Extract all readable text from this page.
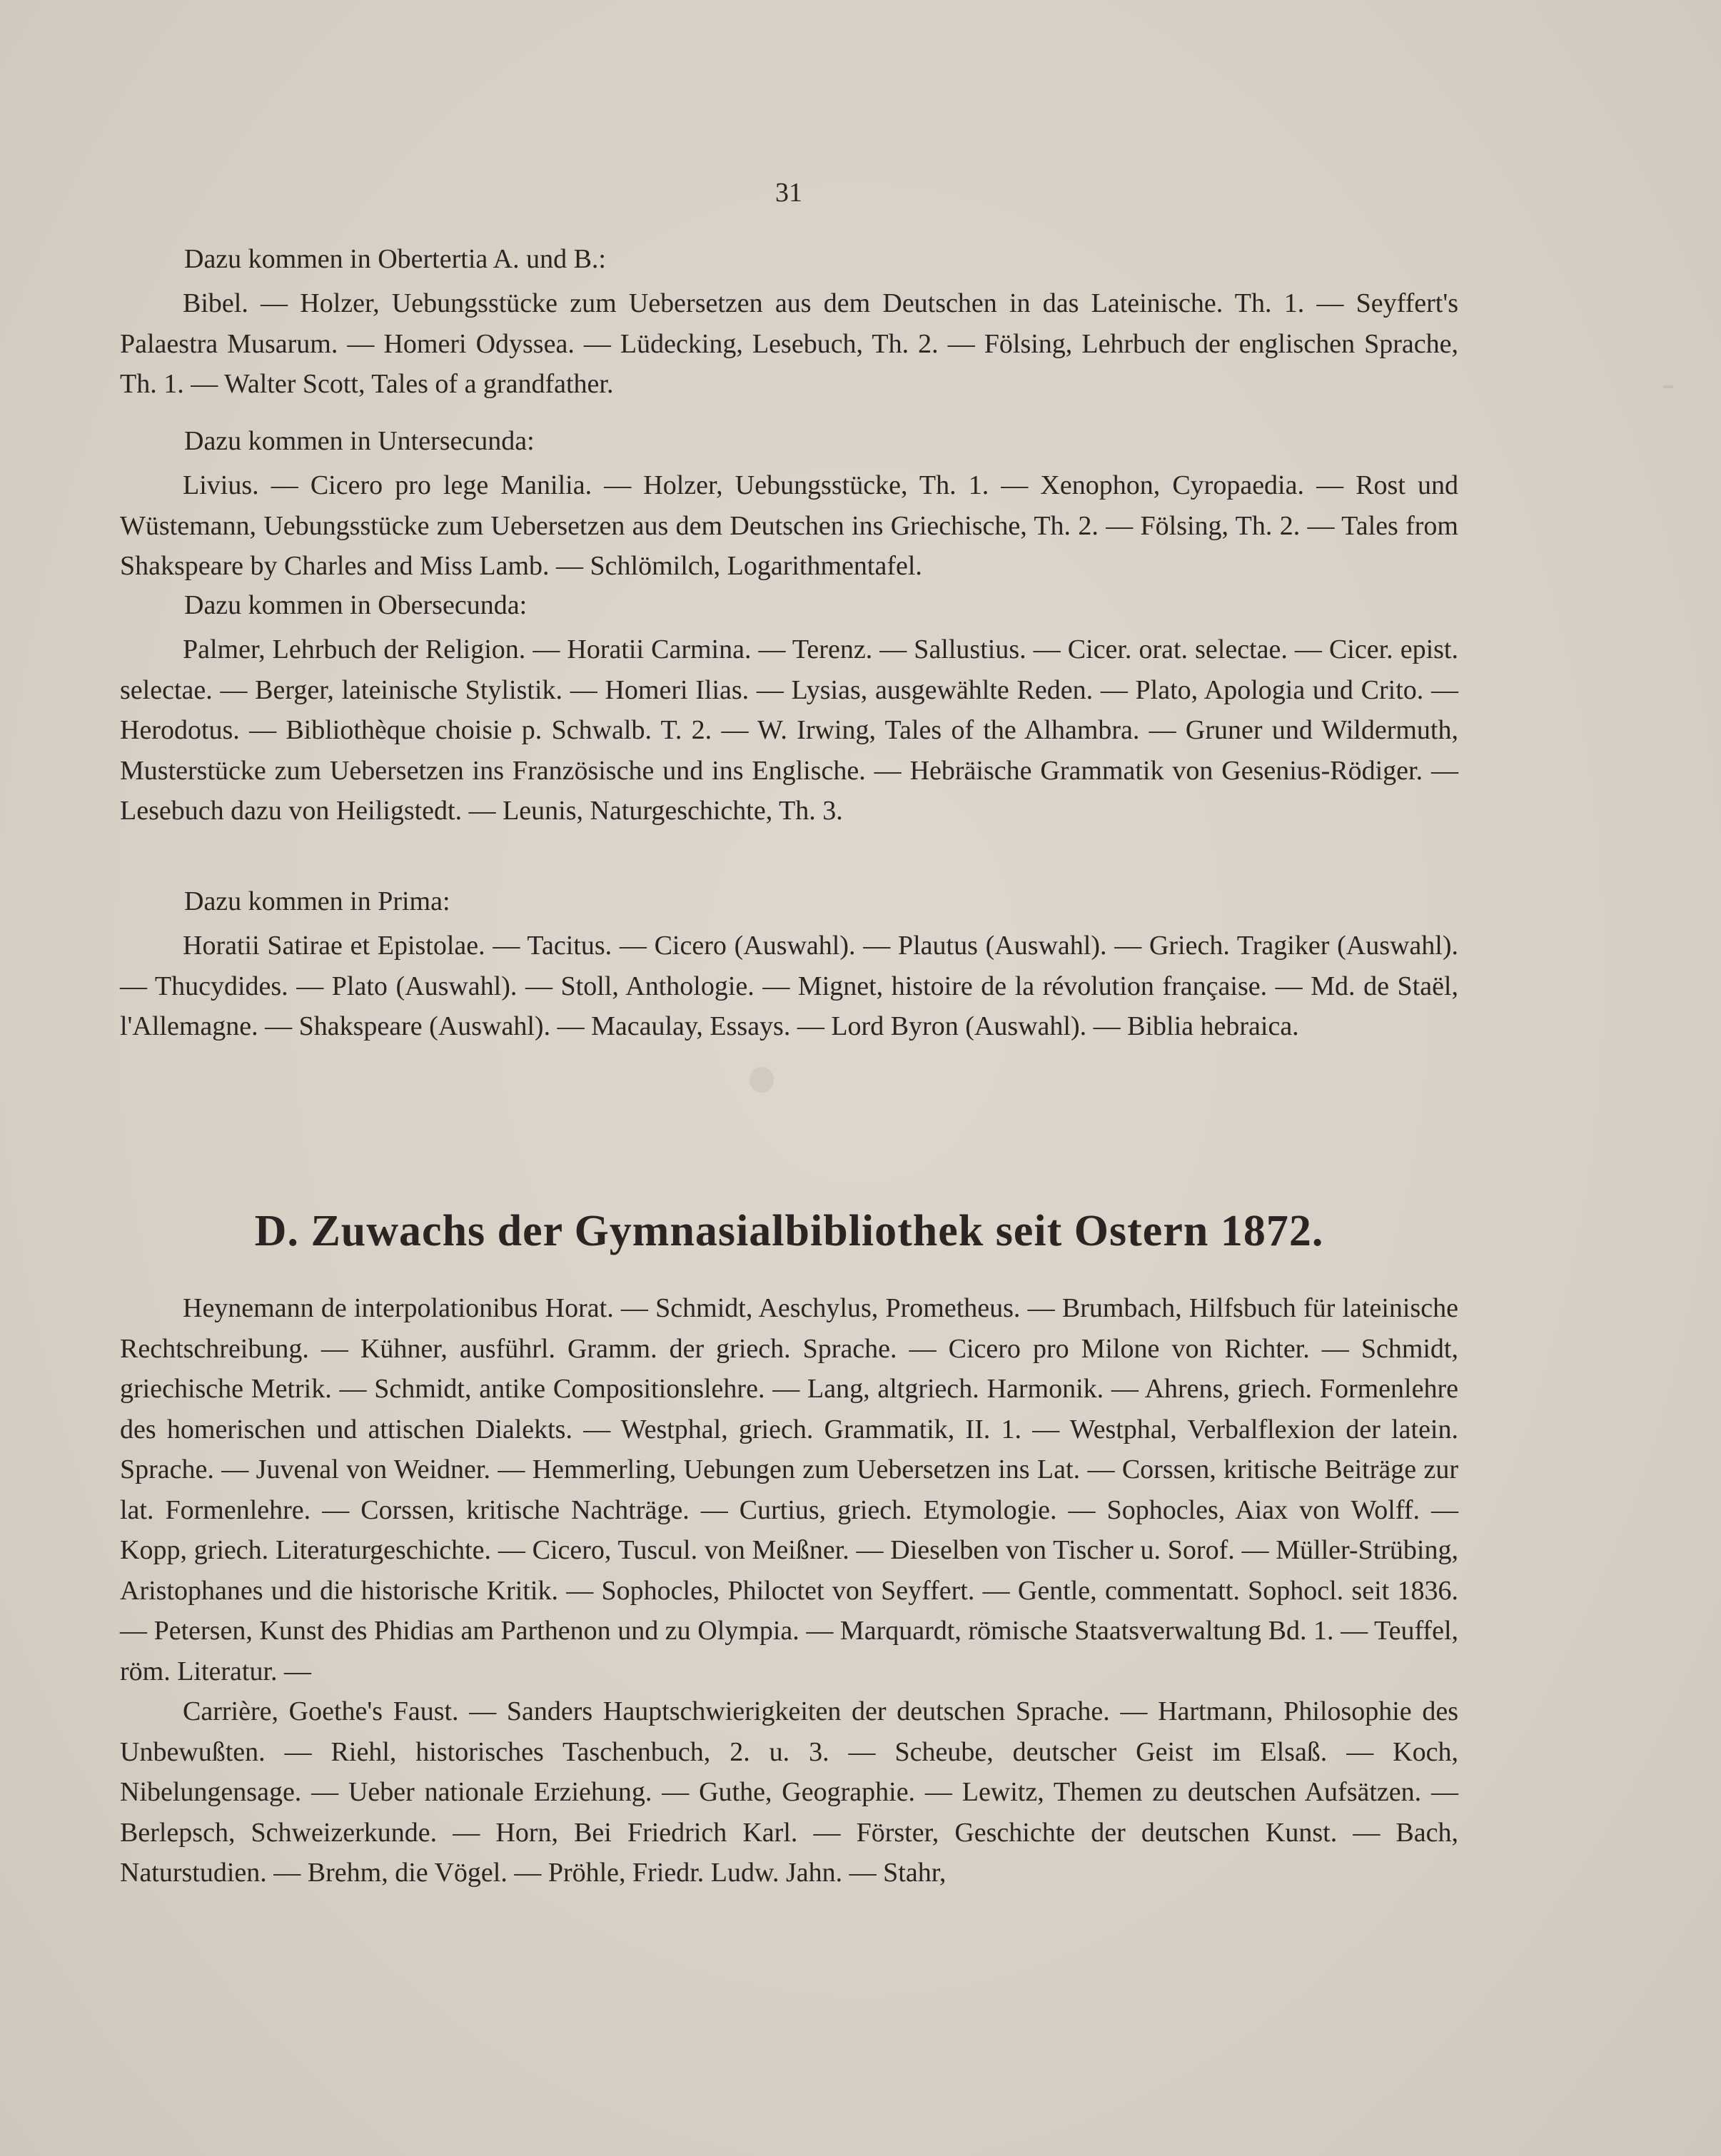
31

Dazu kommen in Obertertia A. und B.:

Bibel. — Holzer, Uebungsstücke zum Uebersetzen aus dem Deutschen in das Lateinische. Th. 1. — Seyffert's Palaestra Musarum. — Homeri Odyssea. — Lüdecking, Lesebuch, Th. 2. — Fölsing, Lehrbuch der englischen Sprache, Th. 1. — Walter Scott, Tales of a grandfather.

Dazu kommen in Untersecunda:

Livius. — Cicero pro lege Manilia. — Holzer, Uebungsstücke, Th. 1. — Xenophon, Cyropaedia. — Rost und Wüstemann, Uebungsstücke zum Uebersetzen aus dem Deutschen ins Griechische, Th. 2. — Fölsing, Th. 2. — Tales from Shakspeare by Charles and Miss Lamb. — Schlömilch, Logarithmentafel.

Dazu kommen in Obersecunda:

Palmer, Lehrbuch der Religion. — Horatii Carmina. — Terenz. — Sallustius. — Cicer. orat. selectae. — Cicer. epist. selectae. — Berger, lateinische Stylistik. — Homeri Ilias. — Lysias, ausgewählte Reden. — Plato, Apologia und Crito. — Herodotus. — Bibliothèque choisie p. Schwalb. T. 2. — W. Irwing, Tales of the Alhambra. — Gruner und Wildermuth, Musterstücke zum Uebersetzen ins Französische und ins Englische. — Hebräische Grammatik von Gesenius-Rödiger. — Lesebuch dazu von Heiligstedt. — Leunis, Naturgeschichte, Th. 3.

Dazu kommen in Prima:

Horatii Satirae et Epistolae. — Tacitus. — Cicero (Auswahl). — Plautus (Auswahl). — Griech. Tragiker (Auswahl). — Thucydides. — Plato (Auswahl). — Stoll, Anthologie. — Mignet, histoire de la révolution française. — Md. de Staël, l'Allemagne. — Shakspeare (Auswahl). — Macaulay, Essays. — Lord Byron (Auswahl). — Biblia hebraica.

D. Zuwachs der Gymnasialbibliothek seit Ostern 1872.

Heynemann de interpolationibus Horat. — Schmidt, Aeschylus, Prometheus. — Brumbach, Hilfsbuch für lateinische Rechtschreibung. — Kühner, ausführl. Gramm. der griech. Sprache. — Cicero pro Milone von Richter. — Schmidt, griechische Metrik. — Schmidt, antike Compositionslehre. — Lang, altgriech. Harmonik. — Ahrens, griech. Formenlehre des homerischen und attischen Dialekts. — Westphal, griech. Grammatik, II. 1. — Westphal, Verbalflexion der latein. Sprache. — Juvenal von Weidner. — Hemmerling, Uebungen zum Uebersetzen ins Lat. — Corssen, kritische Beiträge zur lat. Formenlehre. — Corssen, kritische Nachträge. — Curtius, griech. Etymologie. — Sophocles, Aiax von Wolff. — Kopp, griech. Literaturgeschichte. — Cicero, Tuscul. von Meißner. — Dieselben von Tischer u. Sorof. — Müller-Strübing, Aristophanes und die historische Kritik. — Sophocles, Philoctet von Seyffert. — Gentle, commentatt. Sophocl. seit 1836. — Petersen, Kunst des Phidias am Parthenon und zu Olympia. — Marquardt, römische Staatsverwaltung Bd. 1. — Teuffel, röm. Literatur. —

Carrière, Goethe's Faust. — Sanders Hauptschwierigkeiten der deutschen Sprache. — Hartmann, Philosophie des Unbewußten. — Riehl, historisches Taschenbuch, 2. u. 3. — Scheube, deutscher Geist im Elsaß. — Koch, Nibelungensage. — Ueber nationale Erziehung. — Guthe, Geographie. — Lewitz, Themen zu deutschen Aufsätzen. — Berlepsch, Schweizerkunde. — Horn, Bei Friedrich Karl. — Förster, Geschichte der deutschen Kunst. — Bach, Naturstudien. — Brehm, die Vögel. — Pröhle, Friedr. Ludw. Jahn. — Stahr,
